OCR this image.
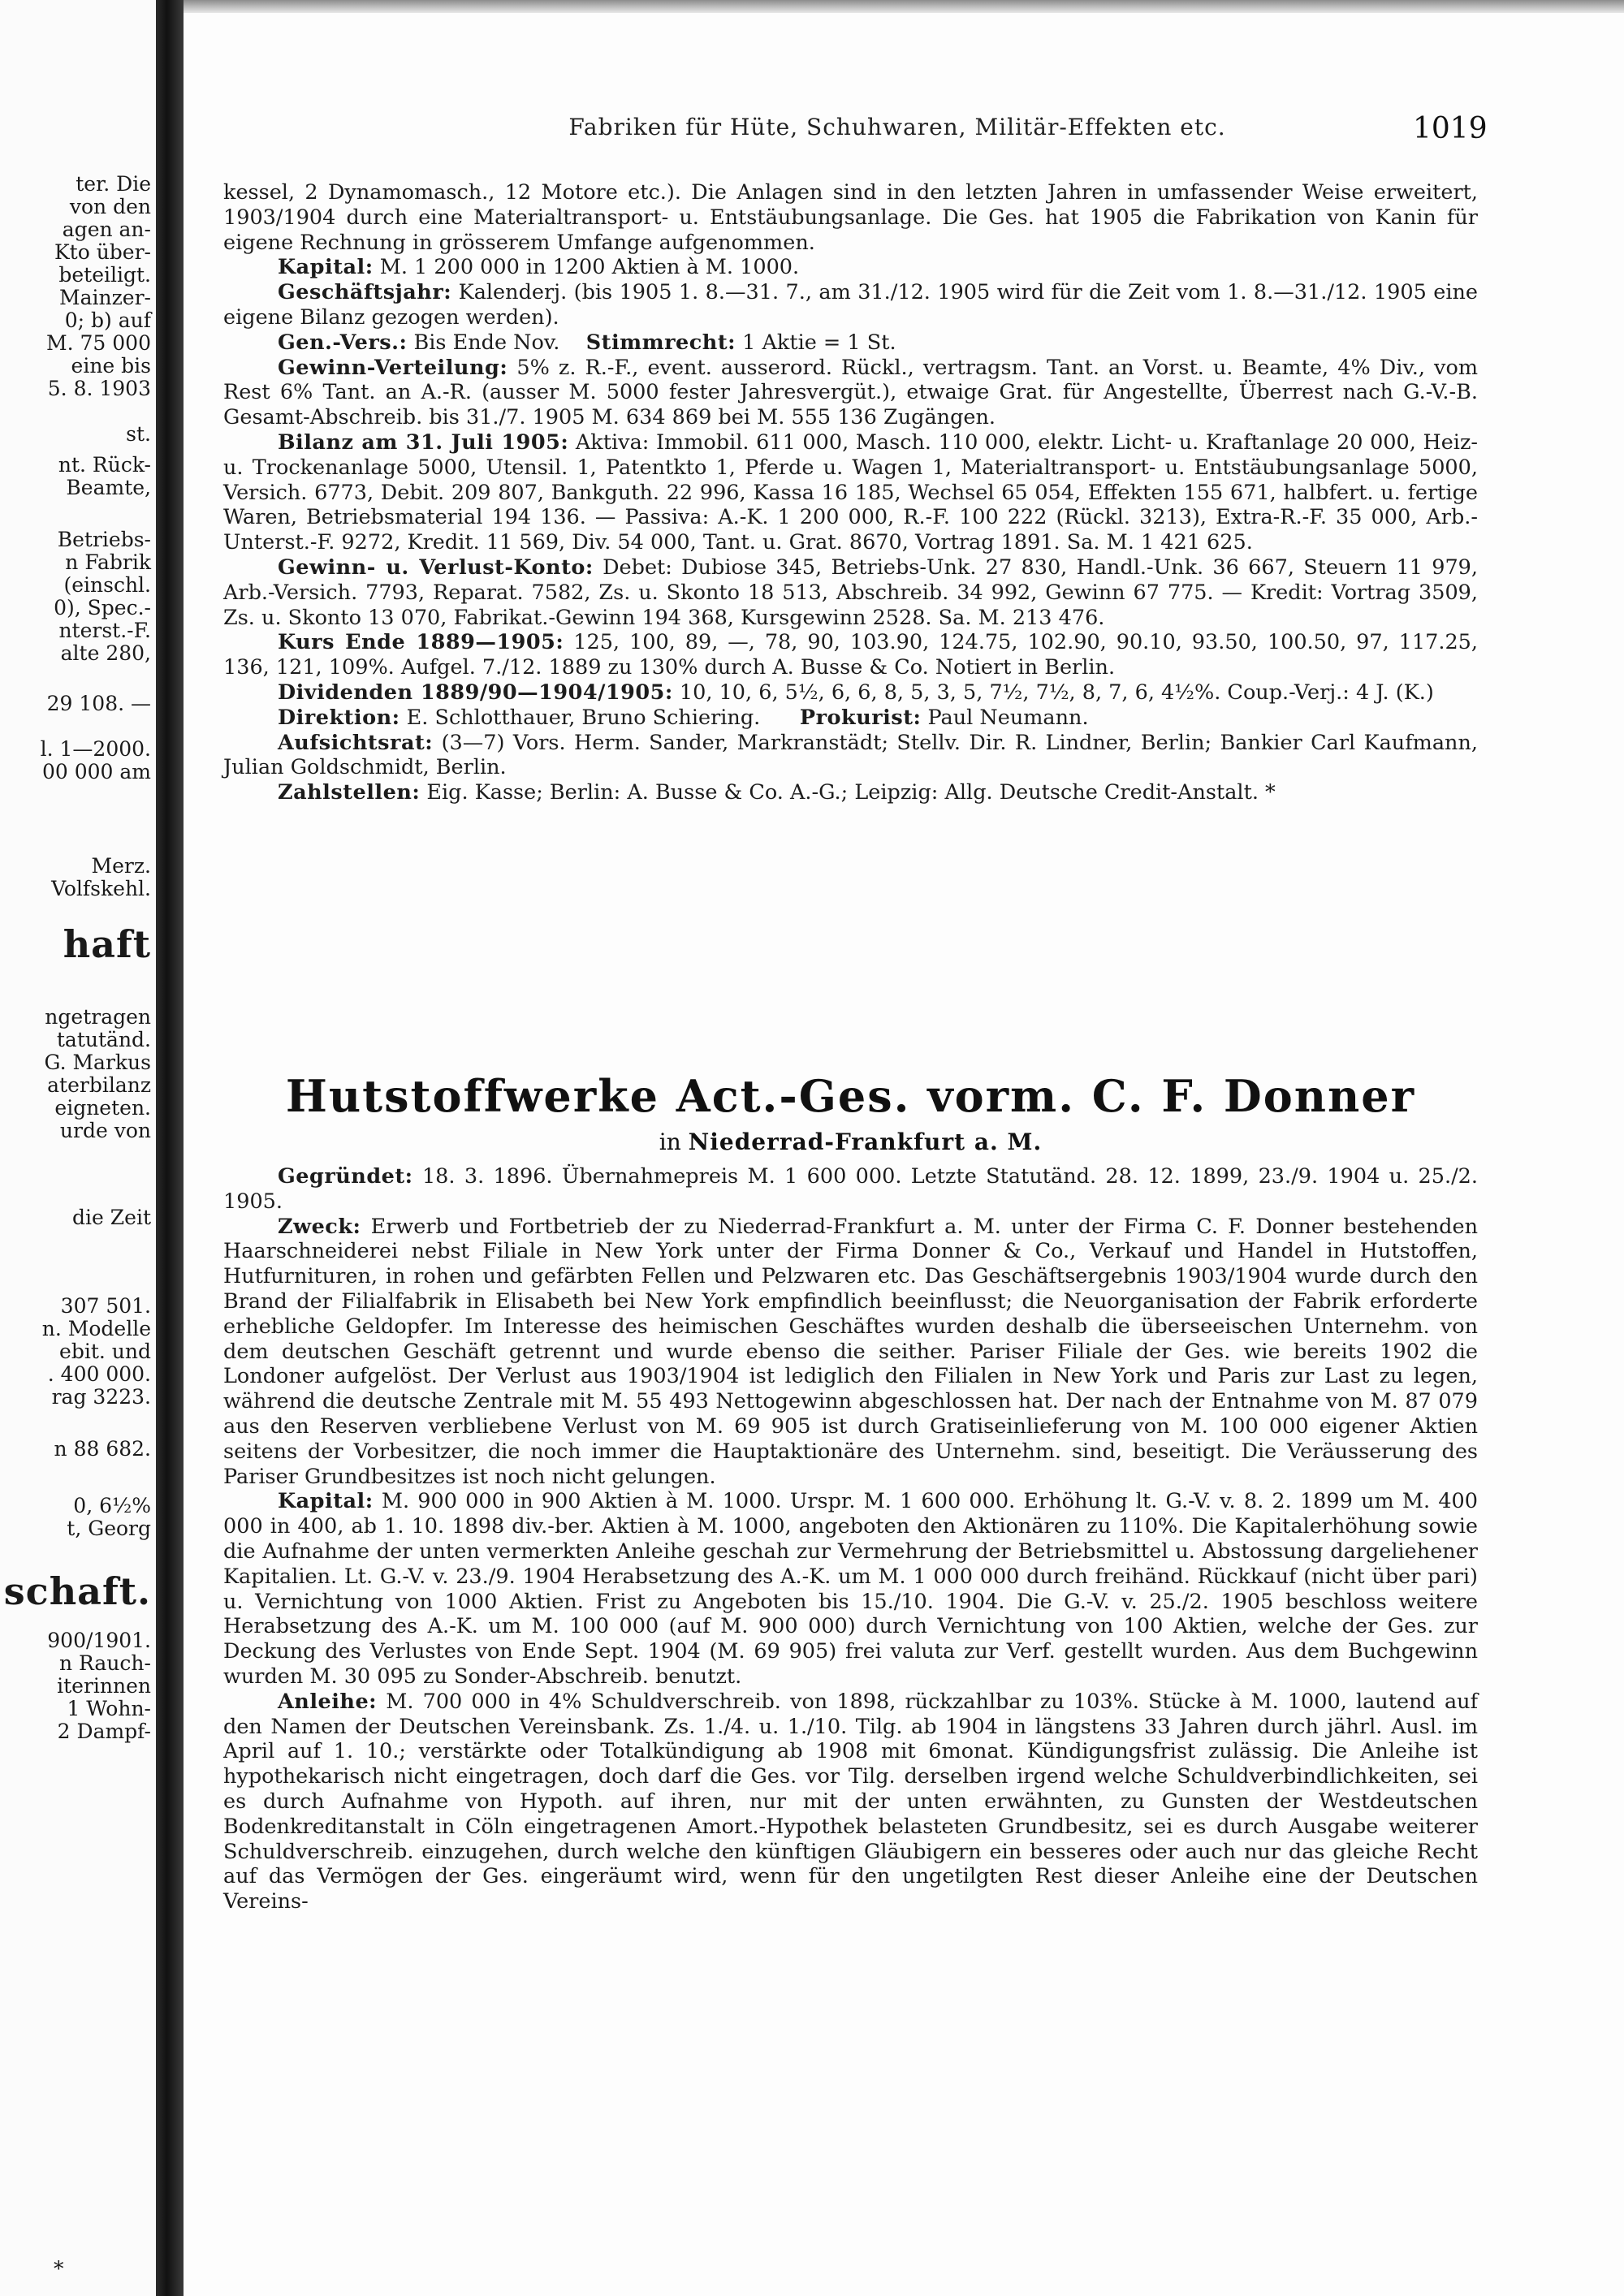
ter. Die
von den
agen an-
Kto über-
beteiligt.
Mainzer-
0; b) auf
M. 75 000
eine bis
5. 8. 1903
st.
nt. Rück-
Beamte,
Betriebs-
n Fabrik
(einschl.
0), Spec.-
nterst.-F.
alte 280,
29 108. —
l. 1—2000.
00 000 am
Merz.
Volfskehl.
haft
ngetragen
tatutänd.
G. Markus
aterbilanz
eigneten.
urde von
die Zeit
307 501.
n. Modelle
ebit. und
. 400 000.
rag 3223.
n 88 682.
0, 6½%
t, Georg
schaft.
900/1901.
n Rauch-
iterinnen
1 Wohn-
2 Dampf-
*
Fabriken für Hüte, Schuhwaren, Militär-Effekten etc.	1019

kessel, 2 Dynamomasch., 12 Motore etc.). Die Anlagen sind in den letzten Jahren in umfassender Weise erweitert, 1903/1904 durch eine Materialtransport- u. Entstäubungsanlage. Die Ges. hat 1905 die Fabrikation von Kanin für eigene Rechnung in grösserem Umfange aufgenommen.

Kapital: M. 1 200 000 in 1200 Aktien à M. 1000.

Geschäftsjahr: Kalenderj. (bis 1905 1. 8.—31. 7., am 31./12. 1905 wird für die Zeit vom 1. 8.—31./12. 1905 eine eigene Bilanz gezogen werden).

Gen.-Vers.: Bis Ende Nov. Stimmrecht: 1 Aktie = 1 St.

Gewinn-Verteilung: 5% z. R.-F., event. ausserord. Rückl., vertragsm. Tant. an Vorst. u. Beamte, 4% Div., vom Rest 6% Tant. an A.-R. (ausser M. 5000 fester Jahresvergüt.), etwaige Grat. für Angestellte, Überrest nach G.-V.-B. Gesamt-Abschreib. bis 31./7. 1905 M. 634 869 bei M. 555 136 Zugängen.

Bilanz am 31. Juli 1905: Aktiva: Immobil. 611 000, Masch. 110 000, elektr. Licht- u. Kraftanlage 20 000, Heiz- u. Trockenanlage 5000, Utensil. 1, Patentkto 1, Pferde u. Wagen 1, Materialtransport- u. Entstäubungsanlage 5000, Versich. 6773, Debit. 209 807, Bankguth. 22 996, Kassa 16 185, Wechsel 65 054, Effekten 155 671, halbfert. u. fertige Waren, Betriebsmaterial 194 136. — Passiva: A.-K. 1 200 000, R.-F. 100 222 (Rückl. 3213), Extra-R.-F. 35 000, Arb.-Unterst.-F. 9272, Kredit. 11 569, Div. 54 000, Tant. u. Grat. 8670, Vortrag 1891. Sa. M. 1 421 625.

Gewinn- u. Verlust-Konto: Debet: Dubiose 345, Betriebs-Unk. 27 830, Handl.-Unk. 36 667, Steuern 11 979, Arb.-Versich. 7793, Reparat. 7582, Zs. u. Skonto 18 513, Abschreib. 34 992, Gewinn 67 775. — Kredit: Vortrag 3509, Zs. u. Skonto 13 070, Fabrikat.-Gewinn 194 368, Kursgewinn 2528. Sa. M. 213 476.

Kurs Ende 1889—1905: 125, 100, 89, —, 78, 90, 103.90, 124.75, 102.90, 90.10, 93.50, 100.50, 97, 117.25, 136, 121, 109%. Aufgel. 7./12. 1889 zu 130% durch A. Busse & Co. Notiert in Berlin.

Dividenden 1889/90—1904/1905: 10, 10, 6, 5½, 6, 6, 8, 5, 3, 5, 7½, 7½, 8, 7, 6, 4½%. Coup.-Verj.: 4 J. (K.)

Direktion: E. Schlotthauer, Bruno Schiering. Prokurist: Paul Neumann.

Aufsichtsrat: (3—7) Vors. Herm. Sander, Markranstädt; Stellv. Dir. R. Lindner, Berlin; Bankier Carl Kaufmann, Julian Goldschmidt, Berlin.

Zahlstellen: Eig. Kasse; Berlin: A. Busse & Co. A.-G.; Leipzig: Allg. Deutsche Credit-Anstalt. *

Hutstoffwerke Act.-Ges. vorm. C. F. Donner
in Niederrad-Frankfurt a. M.

Gegründet: 18. 3. 1896. Übernahmepreis M. 1 600 000. Letzte Statutänd. 28. 12. 1899, 23./9. 1904 u. 25./2. 1905.

Zweck: Erwerb und Fortbetrieb der zu Niederrad-Frankfurt a. M. unter der Firma C. F. Donner bestehenden Haarschneiderei nebst Filiale in New York unter der Firma Donner & Co., Verkauf und Handel in Hutstoffen, Hutfurnituren, in rohen und gefärbten Fellen und Pelzwaren etc. Das Geschäftsergebnis 1903/1904 wurde durch den Brand der Filialfabrik in Elisabeth bei New York empfindlich beeinflusst; die Neuorganisation der Fabrik erforderte erhebliche Geldopfer. Im Interesse des heimischen Geschäftes wurden deshalb die überseeischen Unternehm. von dem deutschen Geschäft getrennt und wurde ebenso die seither. Pariser Filiale der Ges. wie bereits 1902 die Londoner aufgelöst. Der Verlust aus 1903/1904 ist lediglich den Filialen in New York und Paris zur Last zu legen, während die deutsche Zentrale mit M. 55 493 Nettogewinn abgeschlossen hat. Der nach der Entnahme von M. 87 079 aus den Reserven verbliebene Verlust von M. 69 905 ist durch Gratiseinlieferung von M. 100 000 eigener Aktien seitens der Vorbesitzer, die noch immer die Hauptaktionäre des Unternehm. sind, beseitigt. Die Veräusserung des Pariser Grundbesitzes ist noch nicht gelungen.

Kapital: M. 900 000 in 900 Aktien à M. 1000. Urspr. M. 1 600 000. Erhöhung lt. G.-V. v. 8. 2. 1899 um M. 400 000 in 400, ab 1. 10. 1898 div.-ber. Aktien à M. 1000, angeboten den Aktionären zu 110%. Die Kapitalerhöhung sowie die Aufnahme der unten vermerkten Anleihe geschah zur Vermehrung der Betriebsmittel u. Abstossung dargeliehener Kapitalien. Lt. G.-V. v. 23./9. 1904 Herabsetzung des A.-K. um M. 1 000 000 durch freihänd. Rückkauf (nicht über pari) u. Vernichtung von 1000 Aktien. Frist zu Angeboten bis 15./10. 1904. Die G.-V. v. 25./2. 1905 beschloss weitere Herabsetzung des A.-K. um M. 100 000 (auf M. 900 000) durch Vernichtung von 100 Aktien, welche der Ges. zur Deckung des Verlustes von Ende Sept. 1904 (M. 69 905) frei valuta zur Verf. gestellt wurden. Aus dem Buchgewinn wurden M. 30 095 zu Sonder-Abschreib. benutzt.

Anleihe: M. 700 000 in 4% Schuldverschreib. von 1898, rückzahlbar zu 103%. Stücke à M. 1000, lautend auf den Namen der Deutschen Vereinsbank. Zs. 1./4. u. 1./10. Tilg. ab 1904 in längstens 33 Jahren durch jährl. Ausl. im April auf 1. 10.; verstärkte oder Totalkündigung ab 1908 mit 6monat. Kündigungsfrist zulässig. Die Anleihe ist hypothekarisch nicht eingetragen, doch darf die Ges. vor Tilg. derselben irgend welche Schuldverbindlichkeiten, sei es durch Aufnahme von Hypoth. auf ihren, nur mit der unten erwähnten, zu Gunsten der Westdeutschen Bodenkreditanstalt in Cöln eingetragenen Amort.-Hypothek belasteten Grundbesitz, sei es durch Ausgabe weiterer Schuldverschreib. einzugehen, durch welche den künftigen Gläubigern ein besseres oder auch nur das gleiche Recht auf das Vermögen der Ges. eingeräumt wird, wenn für den ungetilgten Rest dieser Anleihe eine der Deutschen Vereins-
